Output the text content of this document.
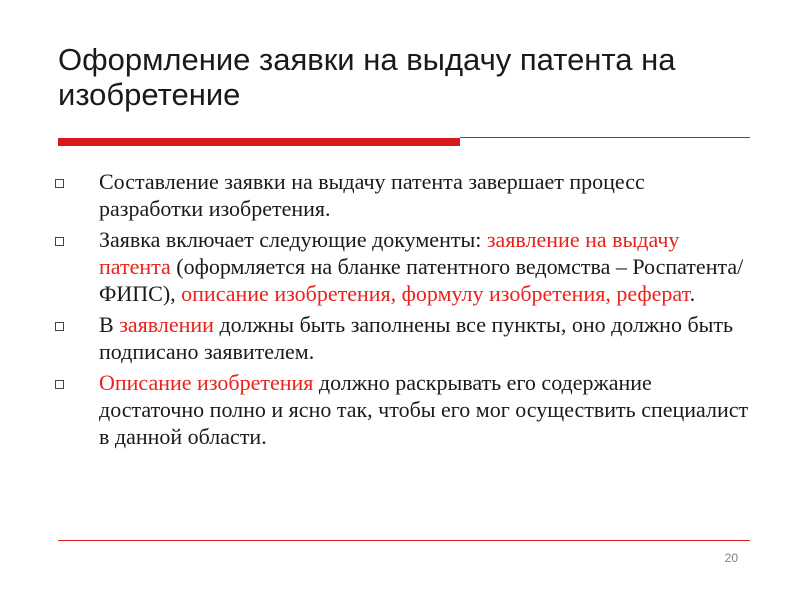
Оформление заявки на выдачу патента на изобретение
Составление заявки на выдачу патента завершает процесс разработки изобретения.
Заявка включает следующие документы: заявление на выдачу патента (оформляется на бланке патентного ведомства – Роспатента/ФИПС), описание изобретения, формулу изобретения, реферат.
В заявлении должны быть заполнены все пункты, оно должно быть подписано заявителем.
Описание изобретения должно раскрывать его содержание достаточно полно и ясно так, чтобы его мог осуществить специалист в данной области.
20
